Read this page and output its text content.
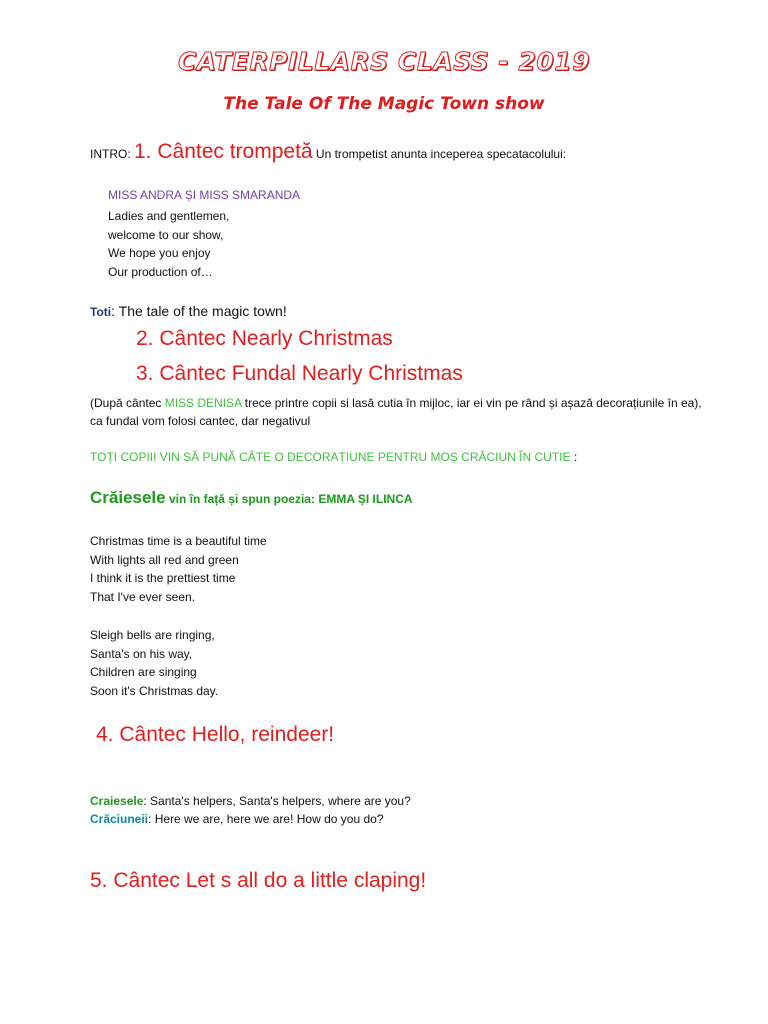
CATERPILLARS CLASS - 2019
The Tale Of The Magic Town show
INTRO: 1. Cântec trompetă Un trompetist anunta inceperea specatacolului:
MISS ANDRA ȘI MISS SMARANDA
Ladies and gentlemen,
welcome to our show,
We hope you enjoy
Our production of…
Toti: The tale of the magic town!
2. Cântec Nearly Christmas
3. Cântec Fundal Nearly Christmas
(După cântec MISS DENISA trece printre copii si lasă cutia în mijloc, iar ei vin pe rând și așază decorațiunile în ea),
ca fundal vom folosi cantec, dar negativul
TOȚI COPIII VIN SĂ PUNĂ CÂTE O DECORAȚIUNE PENTRU MOȘ CRĂCIUN ÎN CUTIE :
Crăiesele vin în față și spun poezia: EMMA ȘI ILINCA
Christmas time is a beautiful time
With lights all red and green
I think it is the prettiest time
That I've ever seen.
Sleigh bells are ringing,
Santa's on his way,
Children are singing
Soon it's Christmas day.
4. Cântec Hello, reindeer!
Craiesele: Santa's helpers, Santa's helpers, where are you?
Crăciuneii: Here we are, here we are! How do you do?
5. Cântec Let s all do a little claping!
